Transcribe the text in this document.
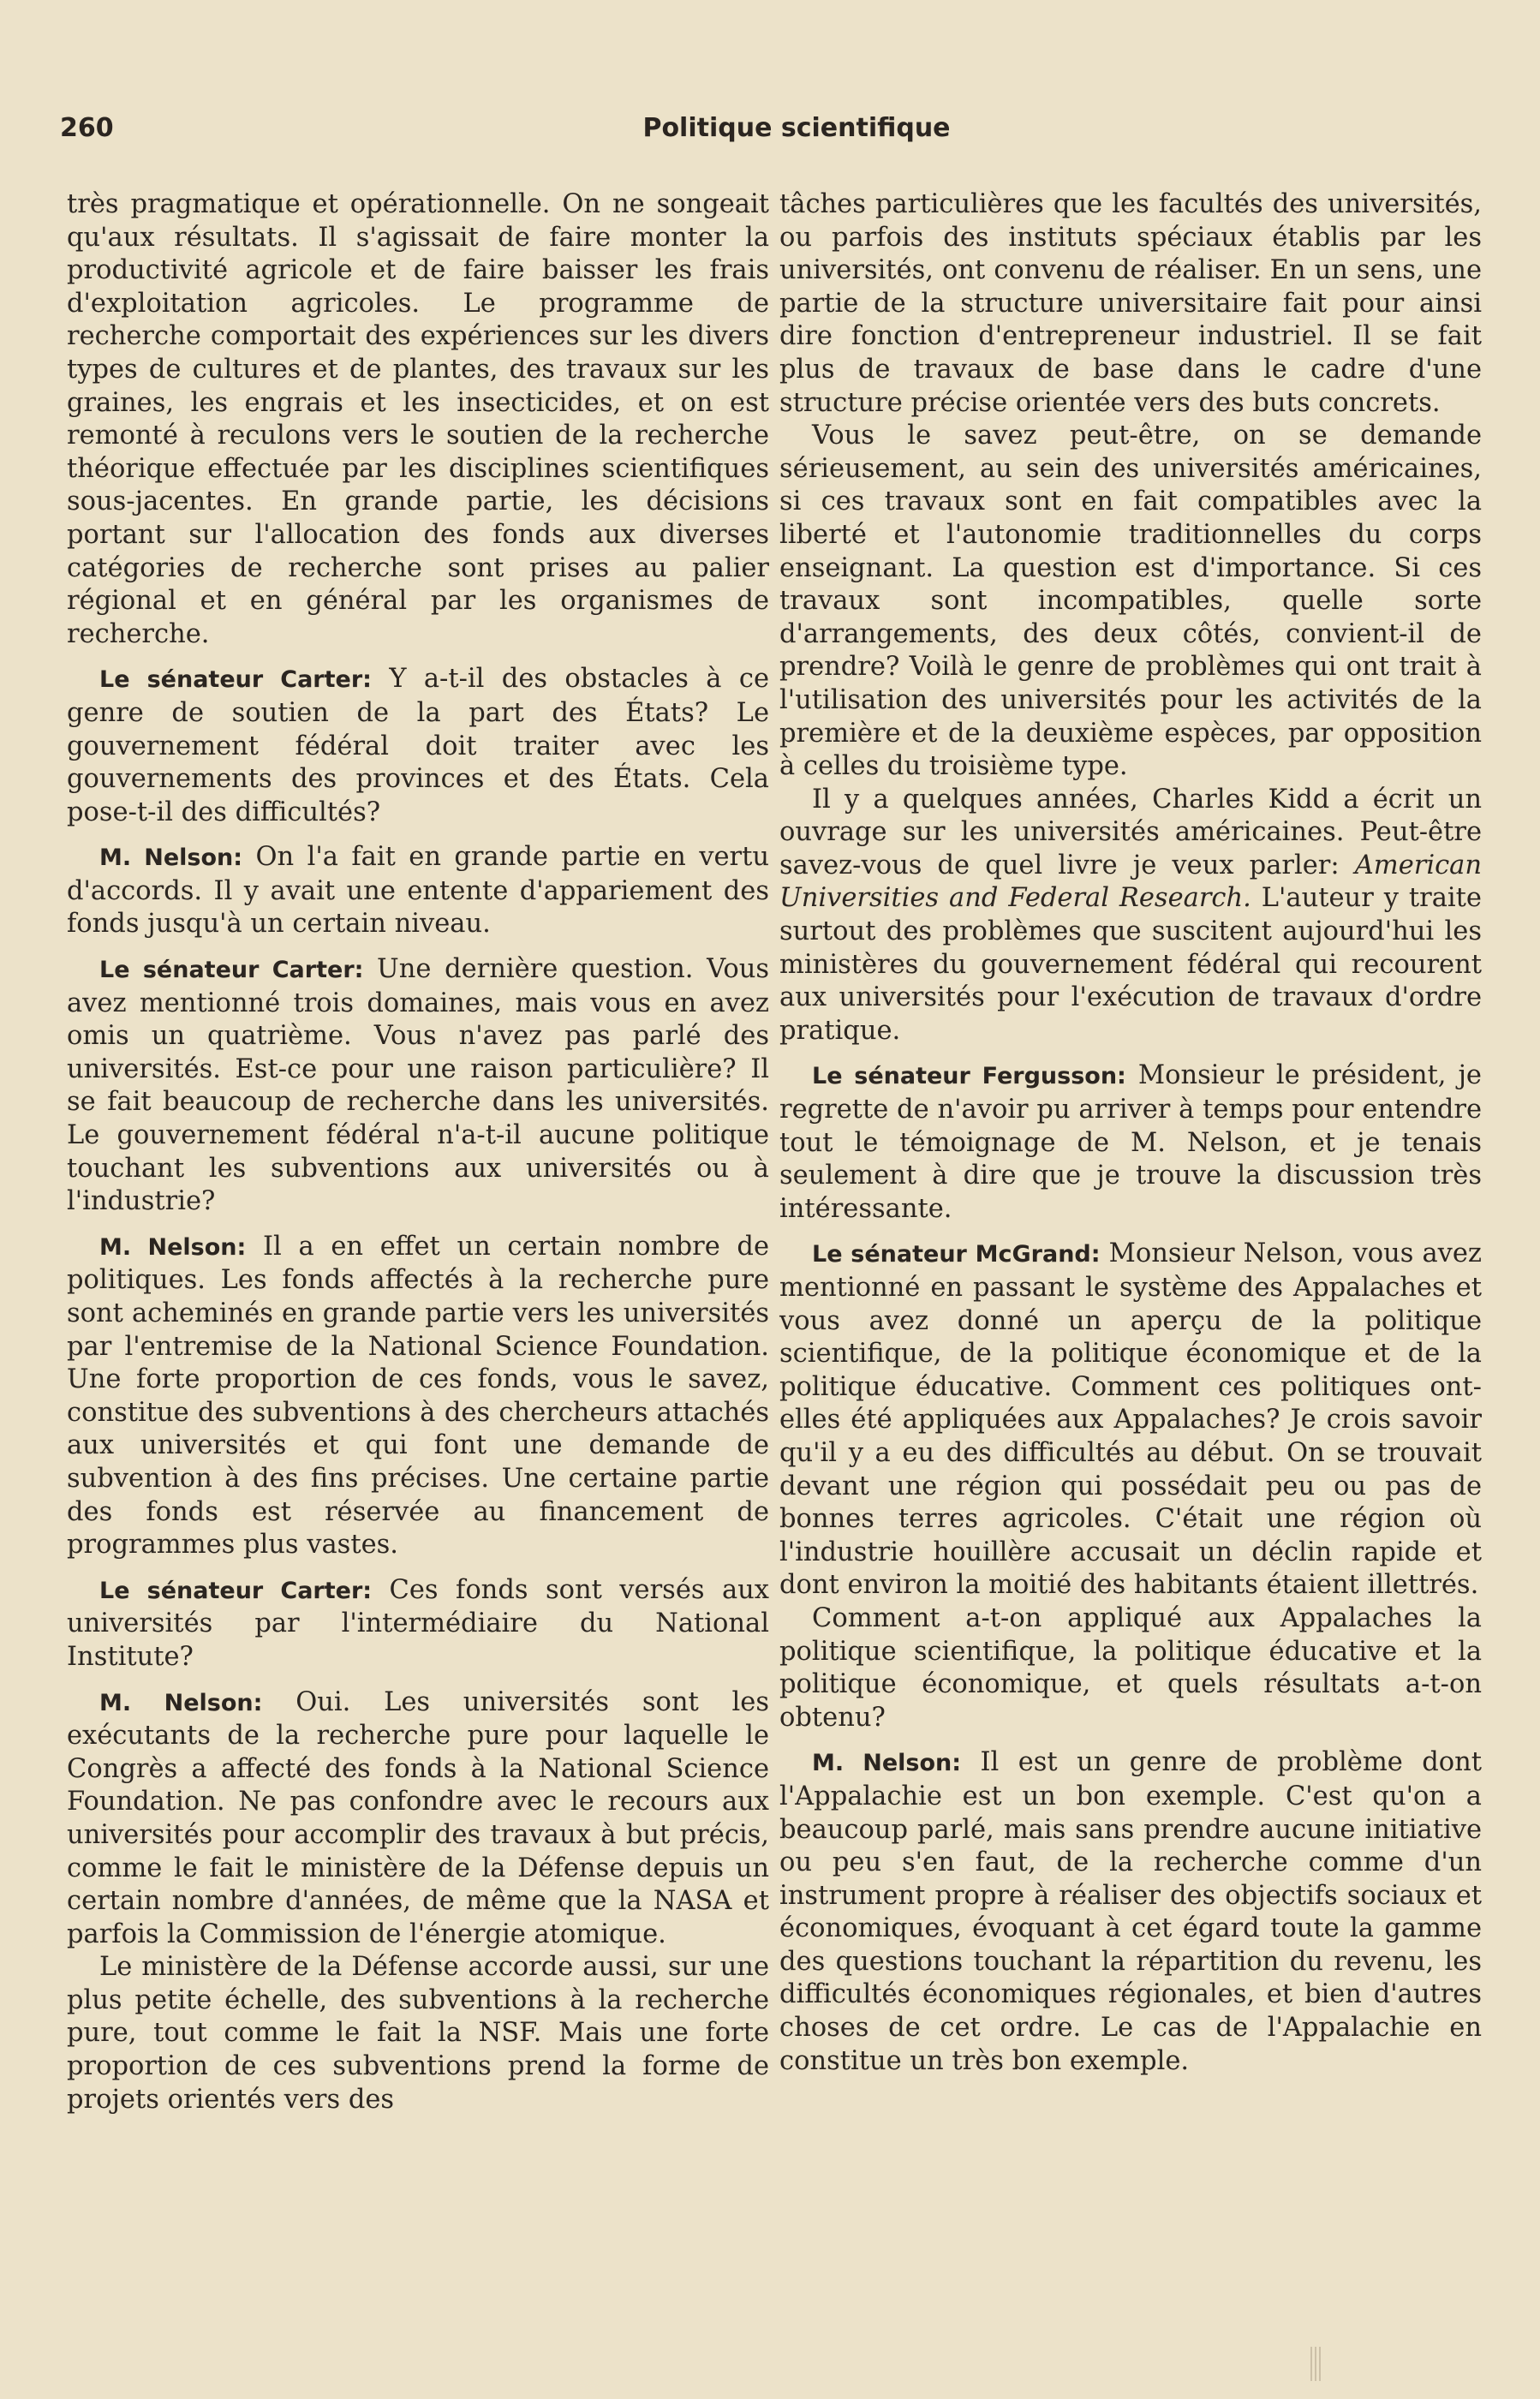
260	Politique scientifique

très pragmatique et opérationnelle. On ne songeait qu'aux résultats. Il s'agissait de faire monter la productivité agricole et de faire baisser les frais d'exploitation agricoles. Le programme de recherche comportait des expériences sur les divers types de cultures et de plantes, des travaux sur les graines, les engrais et les insecticides, et on est remonté à reculons vers le soutien de la recherche théorique effectuée par les disciplines scientifiques sous-jacentes. En grande partie, les décisions portant sur l'allocation des fonds aux diverses catégories de recherche sont prises au palier régional et en général par les organismes de recherche.

Le sénateur Carter: Y a-t-il des obstacles à ce genre de soutien de la part des États? Le gouvernement fédéral doit traiter avec les gouvernements des provinces et des États. Cela pose-t-il des difficultés?

M. Nelson: On l'a fait en grande partie en vertu d'accords. Il y avait une entente d'appariement des fonds jusqu'à un certain niveau.

Le sénateur Carter: Une dernière question. Vous avez mentionné trois domaines, mais vous en avez omis un quatrième. Vous n'avez pas parlé des universités. Est-ce pour une raison particulière? Il se fait beaucoup de recherche dans les universités. Le gouvernement fédéral n'a-t-il aucune politique touchant les subventions aux universités ou à l'industrie?

M. Nelson: Il a en effet un certain nombre de politiques. Les fonds affectés à la recherche pure sont acheminés en grande partie vers les universités par l'entremise de la National Science Foundation. Une forte proportion de ces fonds, vous le savez, constitue des subventions à des chercheurs attachés aux universités et qui font une demande de subvention à des fins précises. Une certaine partie des fonds est réservée au financement de programmes plus vastes.

Le sénateur Carter: Ces fonds sont versés aux universités par l'intermédiaire du National Institute?

M. Nelson: Oui. Les universités sont les exécutants de la recherche pure pour laquelle le Congrès a affecté des fonds à la National Science Foundation. Ne pas confondre avec le recours aux universités pour accomplir des travaux à but précis, comme le fait le ministère de la Défense depuis un certain nombre d'années, de même que la NASA et parfois la Commission de l'énergie atomique.

Le ministère de la Défense accorde aussi, sur une plus petite échelle, des subventions à la recherche pure, tout comme le fait la NSF. Mais une forte proportion de ces subventions prend la forme de projets orientés vers des

tâches particulières que les facultés des universités, ou parfois des instituts spéciaux établis par les universités, ont convenu de réaliser. En un sens, une partie de la structure universitaire fait pour ainsi dire fonction d'entrepreneur industriel. Il se fait plus de travaux de base dans le cadre d'une structure précise orientée vers des buts concrets.

Vous le savez peut-être, on se demande sérieusement, au sein des universités américaines, si ces travaux sont en fait compatibles avec la liberté et l'autonomie traditionnelles du corps enseignant. La question est d'importance. Si ces travaux sont incompatibles, quelle sorte d'arrangements, des deux côtés, convient-il de prendre? Voilà le genre de problèmes qui ont trait à l'utilisation des universités pour les activités de la première et de la deuxième espèces, par opposition à celles du troisième type.

Il y a quelques années, Charles Kidd a écrit un ouvrage sur les universités américaines. Peut-être savez-vous de quel livre je veux parler: American Universities and Federal Research. L'auteur y traite surtout des problèmes que suscitent aujourd'hui les ministères du gouvernement fédéral qui recourent aux universités pour l'exécution de travaux d'ordre pratique.

Le sénateur Fergusson: Monsieur le président, je regrette de n'avoir pu arriver à temps pour entendre tout le témoignage de M. Nelson, et je tenais seulement à dire que je trouve la discussion très intéressante.

Le sénateur McGrand: Monsieur Nelson, vous avez mentionné en passant le système des Appalaches et vous avez donné un aperçu de la politique scientifique, de la politique économique et de la politique éducative. Comment ces politiques ont-elles été appliquées aux Appalaches? Je crois savoir qu'il y a eu des difficultés au début. On se trouvait devant une région qui possédait peu ou pas de bonnes terres agricoles. C'était une région où l'industrie houillère accusait un déclin rapide et dont environ la moitié des habitants étaient illettrés.

Comment a-t-on appliqué aux Appalaches la politique scientifique, la politique éducative et la politique économique, et quels résultats a-t-on obtenu?

M. Nelson: Il est un genre de problème dont l'Appalachie est un bon exemple. C'est qu'on a beaucoup parlé, mais sans prendre aucune initiative ou peu s'en faut, de la recherche comme d'un instrument propre à réaliser des objectifs sociaux et économiques, évoquant à cet égard toute la gamme des questions touchant la répartition du revenu, les difficultés économiques régionales, et bien d'autres choses de cet ordre. Le cas de l'Appalachie en constitue un très bon exemple.
